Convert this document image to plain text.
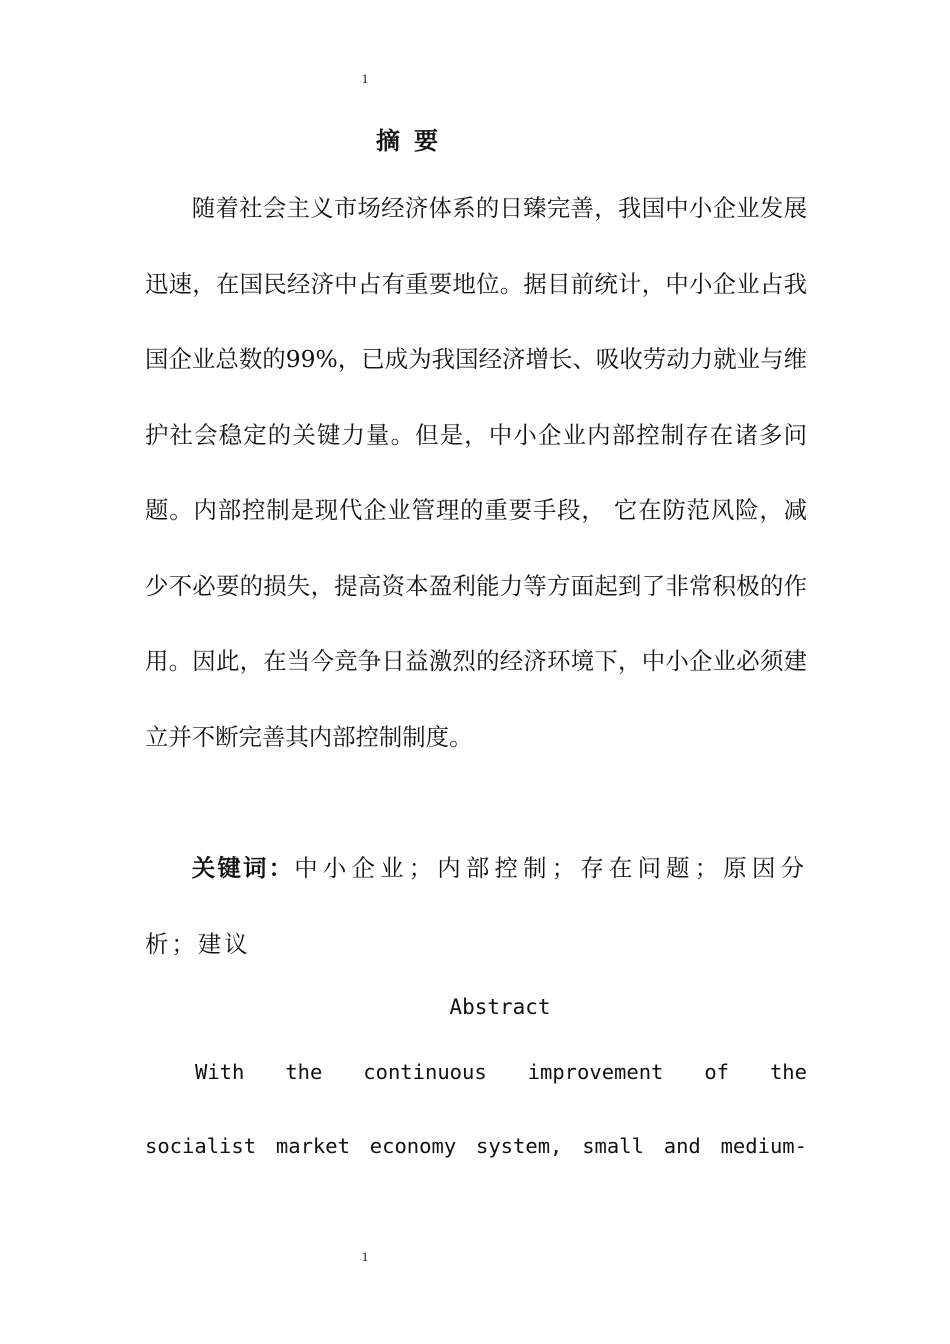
1
摘要

随着社会主义市场经济体系的日臻完善，我国中小企业发展迅速，在国民经济中占有重要地位。据目前统计，中小企业占我国企业总数的99%，已成为我国经济增长、吸收劳动力就业与维护社会稳定的关键力量。但是，中小企业内部控制存在诸多问题。内部控制是现代企业管理的重要手段， 它在防范风险，减少不必要的损失，提高资本盈利能力等方面起到了非常积极的作用。因此，在当今竞争日益激烈的经济环境下，中小企业必须建立并不断完善其内部控制制度。

关键词：中小企业；内部控制；存在问题；原因分析；建议

Abstract

With the continuous improvement of the

socialist market economy system, small and medium-

1
